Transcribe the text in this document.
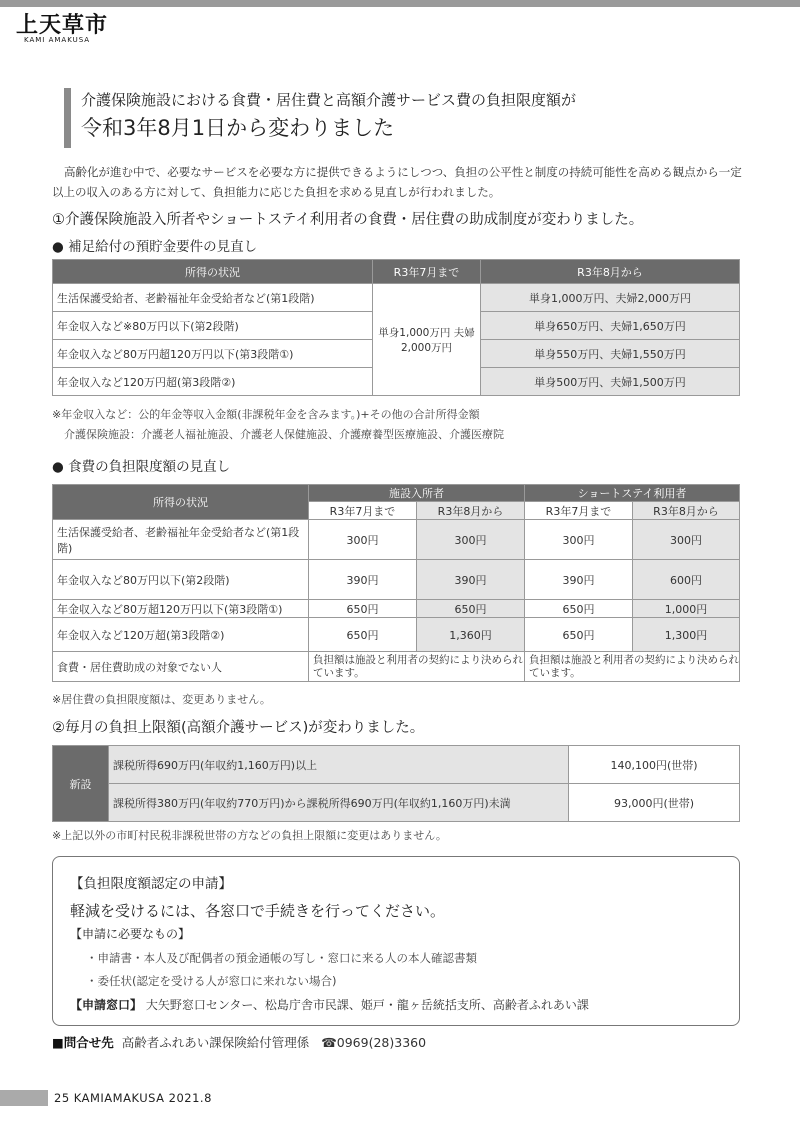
上天草市
KAMI AMAKUSA
介護保険施設における食費・居住費と高額介護サービス費の負担限度額が
令和3年8月1日から変わりました
高齢化が進む中で、必要なサービスを必要な方に提供できるようにしつつ、負担の公平性と制度の持続可能性を高める観点から一定以上の収入のある方に対して、負担能力に応じた負担を求める見直しが行われました。
①介護保険施設入所者やショートステイ利用者の食費・居住費の助成制度が変わりました。
● 補足給付の預貯金要件の見直し
所得の状況	R3年7月まで	R3年8月から
生活保護受給者、老齢福祉年金受給者など(第1段階)	単身1,000万円 夫婦2,000万円	単身1,000万円、夫婦2,000万円
年金収入など※80万円以下(第2段階)		単身650万円、夫婦1,650万円
年金収入など80万円超120万円以下(第3段階①)		単身550万円、夫婦1,550万円
年金収入など120万円超(第3段階②)		単身500万円、夫婦1,500万円
※年金収入など：公的年金等収入金額(非課税年金を含みます。)+その他の合計所得金額
介護保険施設：介護老人福祉施設、介護老人保健施設、介護療養型医療施設、介護医療院
● 食費の負担限度額の見直し
所得の状況	施設入所者		ショートステイ利用者	
	R3年7月まで	R3年8月から	R3年7月まで	R3年8月から
生活保護受給者、老齢福祉年金受給者など(第1段階)	300円	300円	300円	300円
年金収入など80万円以下(第2段階)	390円	390円	390円	600円
年金収入など80万超120万円以下(第3段階①)	650円	650円	650円	1,000円
年金収入など120万超(第3段階②)	650円	1,360円	650円	1,300円
食費・居住費助成の対象でない人	負担額は施設と利用者の契約により決められています。		負担額は施設と利用者の契約により決められています。	
※居住費の負担限度額は、変更ありません。
②毎月の負担上限額(高額介護サービス)が変わりました。
新設	課税所得690万円(年収約1,160万円)以上	140,100円(世帯)
	課税所得380万円(年収約770万円)から課税所得690万円(年収約1,160万円)未満	93,000円(世帯)
※上記以外の市町村民税非課税世帯の方などの負担上限額に変更はありません。
【負担限度額認定の申請】
軽減を受けるには、各窓口で手続きを行ってください。
【申請に必要なもの】
・申請書・本人及び配偶者の預金通帳の写し・窓口に来る人の本人確認書類
・委任状(認定を受ける人が窓口に来れない場合)
【申請窓口】 大矢野窓口センター、松島庁舎市民課、姫戸・龍ヶ岳統括支所、高齢者ふれあい課
■問合せ先 高齢者ふれあい課保険給付管理係 ☎0969(28)3360
25 KAMIAMAKUSA 2021.8
